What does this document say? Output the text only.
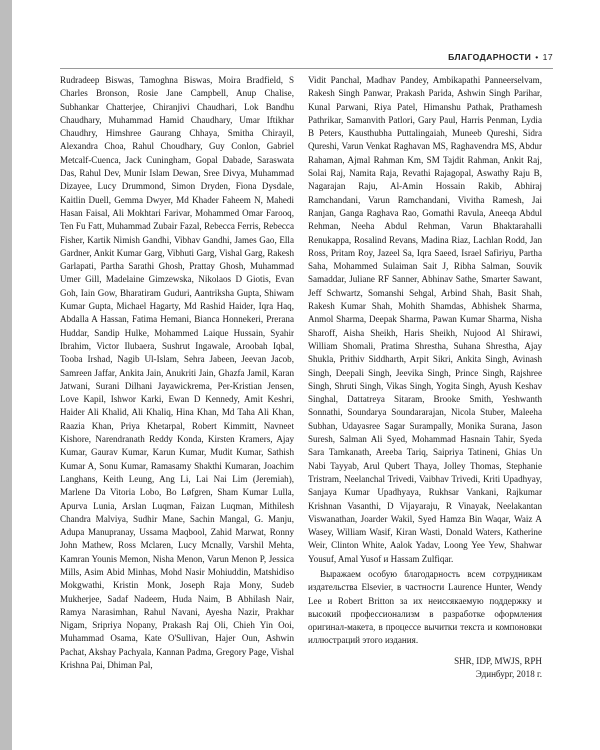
БЛАГОДАРНОСТИ • 17

Rudradeep Biswas, Tamoghna Biswas, Moira Bradfield, S Charles Bronson, Rosie Jane Campbell, Anup Chalise, Subhankar Chatterjee, Chiranjivi Chaudhari, Lok Bandhu Chaudhary, Muhammad Hamid Chaudhary, Umar Iftikhar Chaudhry, Himshree Gaurang Chhaya, Smitha Chirayil, Alexandra Choa, Rahul Choudhary, Guy Conlon, Gabriel Metcalf-Cuenca, Jack Cuningham, Gopal Dabade, Saraswata Das, Rahul Dev, Munir Islam Dewan, Sree Divya, Muhammad Dizayee, Lucy Drummond, Simon Dryden, Fiona Dysdale, Kaitlin Duell, Gemma Dwyer, Md Khader Faheem N, Mahedi Hasan Faisal, Ali Mokhtari Farivar, Mohammed Omar Farooq, Ten Fu Fatt, Muhammad Zubair Fazal, Rebecca Ferris, Rebecca Fisher, Kartik Nimish Gandhi, Vibhav Gandhi, James Gao, Ella Gardner, Ankit Kumar Garg, Vibhuti Garg, Vishal Garg, Rakesh Garlapati, Partha Sarathi Ghosh, Prattay Ghosh, Muhammad Umer Gill, Madelaine Gimzewska, Nikolaos D Giotis, Evan Goh, Iain Gow, Bharatiram Guduri, Aantriksha Gupta, Shiwam Kumar Gupta, Michael Hagarty, Md Rashid Haider, Iqra Haq, Abdalla A Hassan, Fatima Hemani, Bianca Honnekeri, Prerana Huddar, Sandip Hulke, Mohammed Laique Hussain, Syahir Ibrahim, Victor Ilubaera, Sushrut Ingawale, Aroobah Iqbal, Tooba Irshad, Nagib Ul-Islam, Sehra Jabeen, Jeevan Jacob, Samreen Jaffar, Ankita Jain, Anukriti Jain, Ghazfa Jamil, Karan Jatwani, Surani Dilhani Jayawickrema, Per-Kristian Jensen, Love Kapil, Ishwor Karki, Ewan D Kennedy, Amit Keshri, Haider Ali Khalid, Ali Khaliq, Hina Khan, Md Taha Ali Khan, Raazia Khan, Priya Khetarpal, Robert Kimmitt, Navneet Kishore, Narendranath Reddy Konda, Kirsten Kramers, Ajay Kumar, Gaurav Kumar, Karun Kumar, Mudit Kumar, Sathish Kumar A, Sonu Kumar, Ramasamy Shakthi Kumaran, Joachim Langhans, Keith Leung, Ang Li, Lai Nai Lim (Jeremiah), Marlene Da Vitoria Lobo, Bo Løfgren, Sham Kumar Lulla, Apurva Lunia, Arslan Luqman, Faizan Luqman, Mithilesh Chandra Malviya, Sudhir Mane, Sachin Mangal, G. Manju, Adupa Manupranay, Ussama Maqbool, Zahid Marwat, Ronny John Mathew, Ross Mclaren, Lucy Mcnally, Varshil Mehta, Kamran Younis Memon, Nisha Menon, Varun Menon P, Jessica Mills, Asim Abid Minhas, Mohd Nasir Mohiuddin, Matshidiso Mokgwathi, Kristin Monk, Joseph Raja Mony, Sudeb Mukherjee, Sadaf Nadeem, Huda Naim, B Abhilash Nair, Ramya Narasimhan, Rahul Navani, Ayesha Nazir, Prakhar Nigam, Sripriya Nopany, Prakash Raj Oli, Chieh Yin Ooi, Muhammad Osama, Kate O'Sullivan, Hajer Oun, Ashwin Pachat, Akshay Pachyala, Kannan Padma, Gregory Page, Vishal Krishna Pai, Dhiman Pal,

Vidit Panchal, Madhav Pandey, Ambikapathi Panneerselvam, Rakesh Singh Panwar, Prakash Parida, Ashwin Singh Parihar, Kunal Parwani, Riya Patel, Himanshu Pathak, Prathamesh Pathrikar, Samanvith Patlori, Gary Paul, Harris Penman, Lydia B Peters, Kausthubha Puttalingaiah, Muneeb Qureshi, Sidra Qureshi, Varun Venkat Raghavan MS, Raghavendra MS, Abdur Rahaman, Ajmal Rahman Km, SM Tajdit Rahman, Ankit Raj, Solai Raj, Namita Raja, Revathi Rajagopal, Aswathy Raju B, Nagarajan Raju, Al-Amin Hossain Rakib, Abhiraj Ramchandani, Varun Ramchandani, Vivitha Ramesh, Jai Ranjan, Ganga Raghava Rao, Gomathi Ravula, Aneeqa Abdul Rehman, Neeha Abdul Rehman, Varun Bhaktarahalli Renukappa, Rosalind Revans, Madina Riaz, Lachlan Rodd, Jan Ross, Pritam Roy, Jazeel Sa, Iqra Saeed, Israel Safiriyu, Partha Saha, Mohammed Sulaiman Sait J, Ribha Salman, Souvik Samaddar, Juliane RF Sanner, Abhinav Sathe, Smarter Sawant, Jeff Schwartz, Somanshi Sehgal, Arbind Shah, Basit Shah, Rakesh Kumar Shah, Mohith Shamdas, Abhishek Sharma, Anmol Sharma, Deepak Sharma, Pawan Kumar Sharma, Nisha Sharoff, Aisha Sheikh, Haris Sheikh, Nujood Al Shirawi, William Shomali, Pratima Shrestha, Suhana Shrestha, Ajay Shukla, Prithiv Siddharth, Arpit Sikri, Ankita Singh, Avinash Singh, Deepali Singh, Jeevika Singh, Prince Singh, Rajshree Singh, Shruti Singh, Vikas Singh, Yogita Singh, Ayush Keshav Singhal, Dattatreya Sitaram, Brooke Smith, Yeshwanth Sonnathi, Soundarya Soundararajan, Nicola Stuber, Maleeha Subhan, Udayasree Sagar Surampally, Monika Surana, Jason Suresh, Salman Ali Syed, Mohammad Hasnain Tahir, Syeda Sara Tamkanath, Areeba Tariq, Saipriya Tatineni, Ghias Un Nabi Tayyab, Arul Qubert Thaya, Jolley Thomas, Stephanie Tristram, Neelanchal Trivedi, Vaibhav Trivedi, Kriti Upadhyay, Sanjaya Kumar Upadhyaya, Rukhsar Vankani, Rajkumar Krishnan Vasanthi, D Vijayaraju, R Vinayak, Neelakantan Viswanathan, Joarder Wakil, Syed Hamza Bin Waqar, Waiz A Wasey, William Wasif, Kiran Wasti, Donald Waters, Katherine Weir, Clinton White, Aalok Yadav, Loong Yee Yew, Shahwar Yousuf, Amal Yusof и Hassam Zulfiqar.

Выражаем особую благодарность всем сотрудникам издательства Elsevier, в частности Laurence Hunter, Wendy Lee и Robert Britton за их неиссякаемую поддержку и высокий профессионализм в разработке оформления оригинал-макета, в процессе вычитки текста и компоновки иллюстраций этого издания.

SHR, IDP, MWJS, RPH

Эдинбург, 2018 г.
